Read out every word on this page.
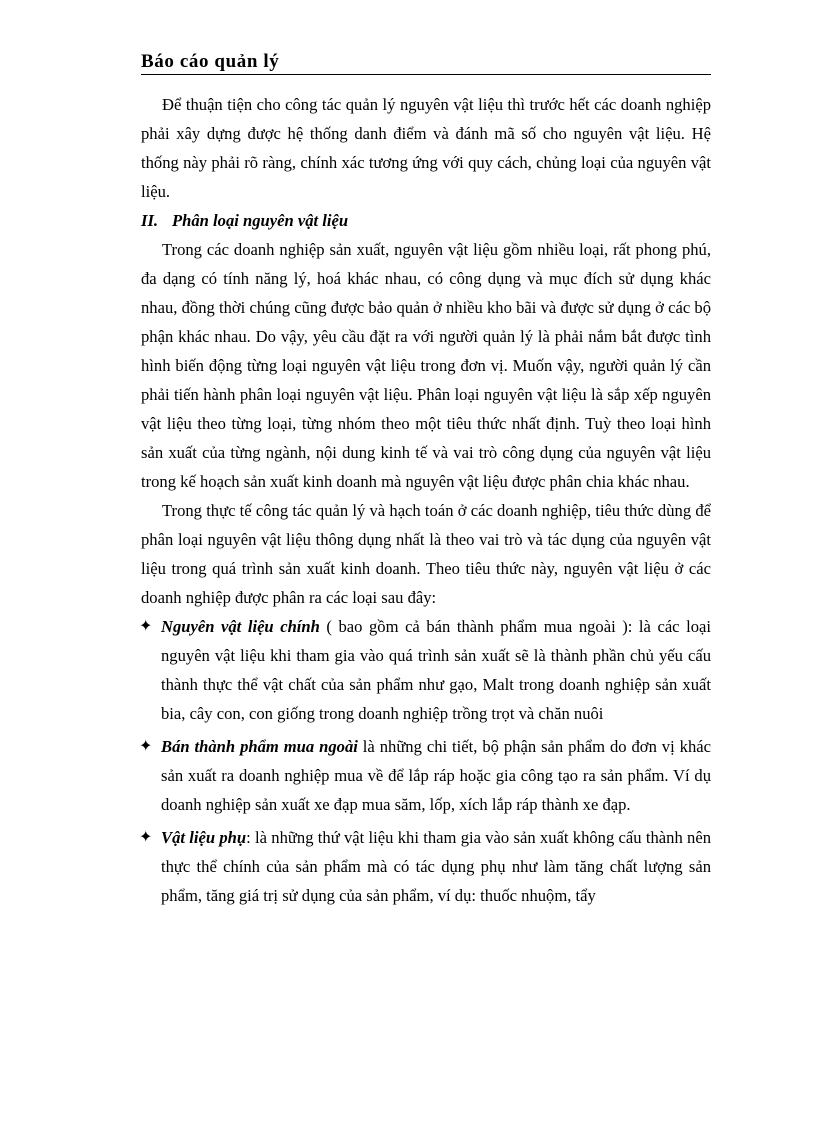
Báo cáo quản lý

Để thuận tiện cho công tác quản lý nguyên vật liệu thì trước hết các doanh nghiệp phải xây dựng được hệ thống danh điểm và đánh mã số cho nguyên vật liệu. Hệ thống này phải rõ ràng, chính xác tương ứng với quy cách, chủng loại của nguyên vật liệu.

II. Phân loại nguyên vật liệu

Trong các doanh nghiệp sản xuất, nguyên vật liệu gồm nhiều loại, rất phong phú, đa dạng có tính năng lý, hoá khác nhau, có công dụng và mục đích sử dụng khác nhau, đồng thời chúng cũng được bảo quản ở nhiều kho bãi và được sử dụng ở các bộ phận khác nhau. Do vậy, yêu cầu đặt ra với người quản lý là phải nắm bắt được tình hình biến động từng loại nguyên vật liệu trong đơn vị. Muốn vậy, người quản lý cần phải tiến hành phân loại nguyên vật liệu. Phân loại nguyên vật liệu là sắp xếp nguyên vật liệu theo từng loại, từng nhóm theo một tiêu thức nhất định. Tuỳ theo loại hình sản xuất của từng ngành, nội dung kinh tế và vai trò công dụng của nguyên vật liệu trong kế hoạch sản xuất kinh doanh mà nguyên vật liệu được phân chia khác nhau.

Trong thực tế công tác quản lý và hạch toán ở các doanh nghiệp, tiêu thức dùng để phân loại nguyên vật liệu thông dụng nhất là theo vai trò và tác dụng của nguyên vật liệu trong quá trình sản xuất kinh doanh. Theo tiêu thức này, nguyên vật liệu ở các doanh nghiệp được phân ra các loại sau đây:

✦ Nguyên vật liệu chính ( bao gồm cả bán thành phẩm mua ngoài ): là các loại nguyên vật liệu khi tham gia vào quá trình sản xuất sẽ là thành phần chủ yếu cấu thành thực thể vật chất của sản phẩm như gạo, Malt trong doanh nghiệp sản xuất bia, cây con, con giống trong doanh nghiệp trồng trọt và chăn nuôi
✦ Bán thành phẩm mua ngoài là những chi tiết, bộ phận sản phẩm do đơn vị khác sản xuất ra doanh nghiệp mua về để lắp ráp hoặc gia công tạo ra sản phẩm. Ví dụ doanh nghiệp sản xuất xe đạp mua săm, lốp, xích lắp ráp thành xe đạp.
✦ Vật liệu phụ: là những thứ vật liệu khi tham gia vào sản xuất không cấu thành nên thực thể chính của sản phẩm mà có tác dụng phụ như làm tăng chất lượng sản phẩm, tăng giá trị sử dụng của sản phẩm, ví dụ: thuốc nhuộm, tẩy
